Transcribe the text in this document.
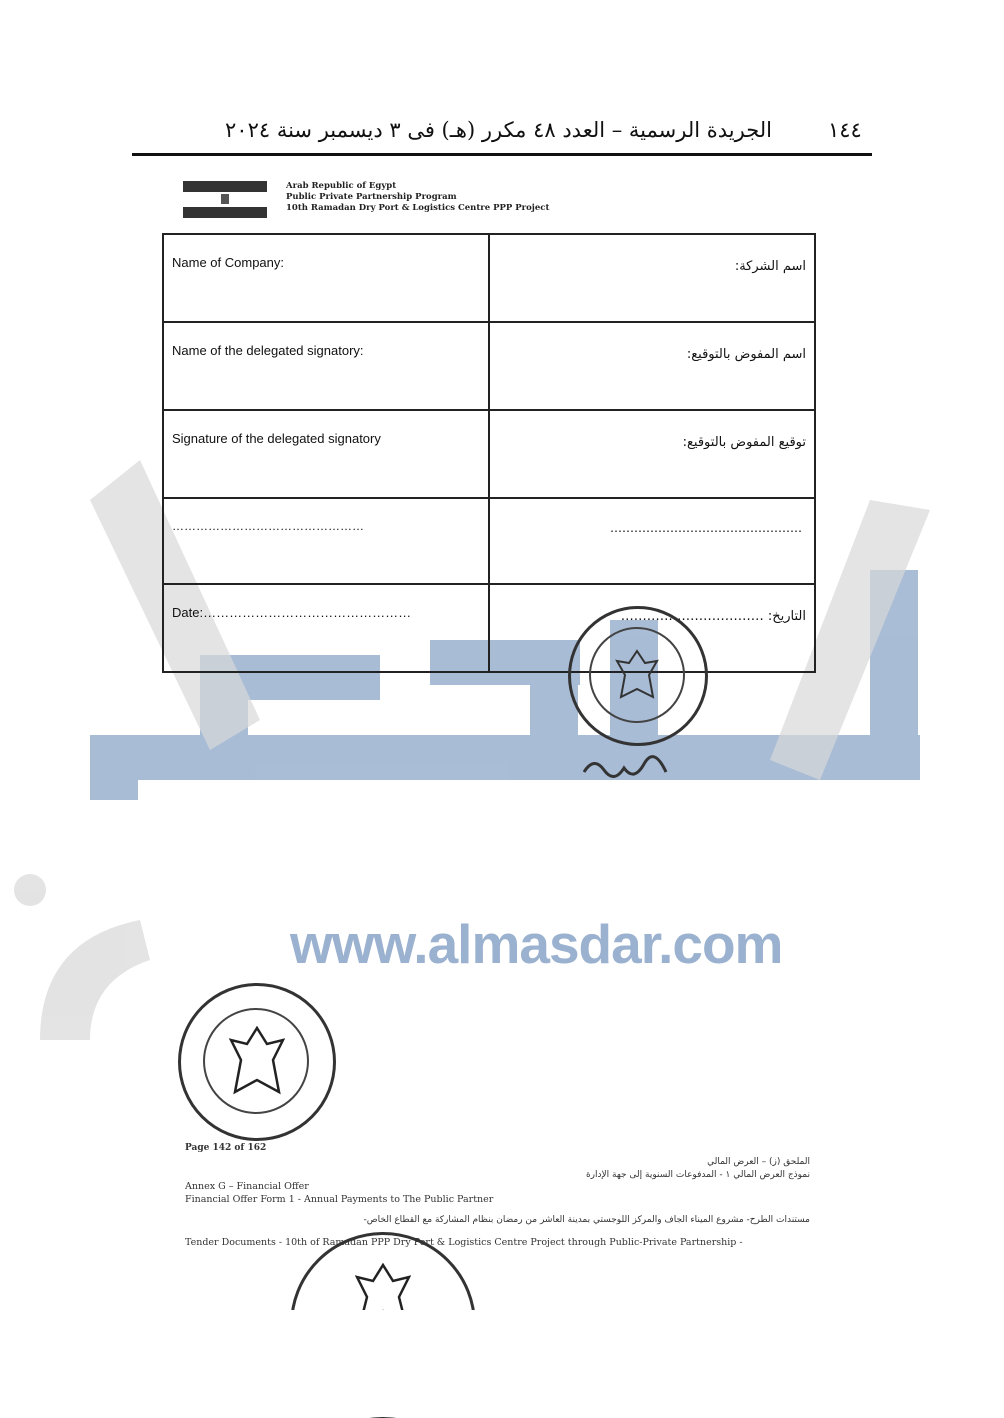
الجريدة الرسمية – العدد ٤٨ مكرر (هـ) فى ٣ ديسمبر سنة ٢٠٢٤	١٤٤
Arab Republic of Egypt
Public Private Partnership Program
10th Ramadan Dry Port & Logistics Centre PPP Project
www.almasdar.com
Name of Company:	اسم الشركة:
Name of the delegated signatory:	اسم المفوض بالتوقيع:
Signature of the delegated signatory	توقيع المفوض بالتوقيع:
…………………………………………	…………………………………………
Date:…………………………………………	التاريخ: ……………………………
Page 142 of 162
الملحق (ز) – العرض المالي
نموذج العرض المالي ١ - المدفوعات السنوية إلى جهة الإدارة
Annex G – Financial Offer
Financial Offer Form 1 - Annual Payments to The Public Partner
مستندات الطرح- مشروع الميناء الجاف والمركز اللوجستي بمدينة العاشر من رمضان بنظام المشاركة مع القطاع الخاص-
Tender Documents - 10th of Ramadan PPP Dry Port & Logistics Centre Project through Public-Private Partnership -
